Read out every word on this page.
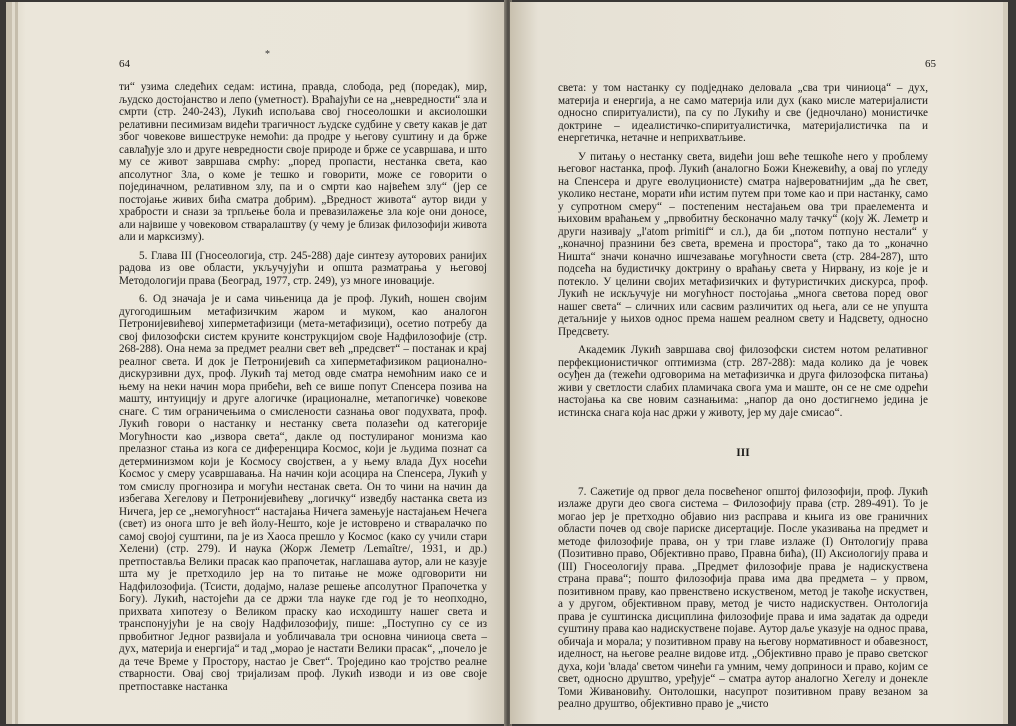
64
*

ти“ узима следећих седам: истина, правда, слобода, ред (поредак), мир, људско достојанство и лепо (уметност). Враћајући се на „невредности“ зла и смрти (стр. 240-243), Лукић испољава свој гносеолошки и аксиолошки релативни песимизам видећи трагичност људске судбине у свету какав је дат због човекове вишеструке немоћи: да продре у његову суштину и да брже савлађује зло и друге невредности своје природе и брже се усавршава, и што му се живот завршава смрћу: „поред пропасти, нестанка света, као апсолутног Зла, о коме је тешко и говорити, може се говорити о појединачном, релативном злу, па и о смрти као највећем злу“ (јер се постојање живих бића сматра добрим). „Вредност живота“ аутор види у храбрости и снази за трпљење бола и превазилажење зла које они доносе, али највише у човековом стваралаштву (у чему је близак филозофији живота али и марксизму).

5. Глава III (Гносеологија, стр. 245-288) даје синтезу ауторових ранијих радова из ове области, укључујући и општа разматрања у његовој Методологији права (Београд, 1977, стр. 249), уз многе иновације.

6. Од значаја је и сама чињеница да је проф. Лукић, ношен својим дугогодишњим метафизичким жаром и муком, као аналогон Петронијевићевој хиперметафизици (мета-метафизици), осетио потребу да свој филозофски систем круните конструкцијом своје Надфилозофије (стр. 268-288). Она нема за предмет реални свет већ „предсвет“ – постанак и крај реалног света. И док је Петронијевић са хиперметафизиком рационално-дискурзивни дух, проф. Лукић тај метод овде сматра немоћним иако се и њему на неки начин мора прибећи, већ се више попут Спенсера позива на машту, интуицију и друге алогичке (ирационалне, метапогичке) човекове снаге. С тим ограничењима о смислености сазнања овог подухвата, проф. Лукић говори о настанку и нестанку света полазећи од категорије Могућности као „извора света“, дакле од постулираног монизма као прелазног стања из кога се диференцира Космос, који је људима познат са детерминизмом који је Космосу својствен, а у њему влада Дух носећи Космос у смеру усавршавања. На начин који асоцира на Спенсера, Лукић у том смислу прогнозира и могући нестанак света. Он то чини на начин да избегава Хегелову и Петронијевићеву „логичку“ изведбу настанка света из Ничега, јер се „немогућност“ настајања Ничега замењује настајањем Нечега (свет) из онога што је већ йолу-Нешто, које је истоврено и стваралачко по самој својој суштини, па је из Хаоса прешло у Космос (како су учили стари Хелени) (стр. 279). И наука (Жорж Леметр /Lemaître/, 1931, и др.) претпоставља Велики прасак као прапочетак, наглашава аутор, али не казује шта му је претходило јер на то питање не може одговорити ни Надфилозофија. (Тсисти, додајмо, налазе решење апсолутног Прапочетка у Богу). Лукић, настојећи да се држи тла науке где год је то неопходно, прихвата хипотезу о Великом праску као исходишту нашег света и транспонујући је на своју Надфилозофију, пише: „Поступно су се из првобитног Једног развијала и уобличавала три основна чиниоца света – дух, материја и енергија“ и тад „морао је настати Велики прасак“, „почело је да тече Време у Простору, настао је Свет“. Тројединo као тројство реалне стварности. Овај свој тријализам проф. Лукић изводи и из ове своје претпоставке настанка

65

света: у том настанку су подједнако деловала „сва три чиниоца“ – дух, материја и енергија, а не само материја или дух (како мисле материјалисти односно спиритуалисти), па су по Лукићу и све (једнoчлано) монистичке доктрине – идеалистичко-спиритуалистичка, материјалистичка па и енергетичка, нетачне и неприхватљиве.

У питању о нестанку света, видећи још веће тешкоће него у проблему његовог настанка, проф. Лукић (аналогно Божи Кнежевићу, а овај по угледу на Спенсера и друге еволуционисте) сматра највероватнијим „да ће свет, уколико нестане, морати ићи истим путем при томе као и при настанку, само у супротном смеру“ – постепеним нестајањем ова три праелемента и њиховим враћањем у „првобитну бесконачно малу тачку“ (коју Ж. Леметр и други називају „l'atom primitif“ и сл.), да би „потом потпуно нестали“ у „коначној празнини без света, времена и простора“, тако да то „коначно Ништа“ значи коначно ишчезавање могућности света (стр. 284-287), што подсећа на будистичку доктрину о враћању света у Нирвану, из које је и потекло. У целини својих метафизичких и футуристичких дискурса, проф. Лукић не искључује ни могућност постојања „многа светова поред овог нашег света“ – сличних или сасвим различитих од њега, али се не упушта детаљније у њихов однос према нашем реалном свету и Надсвету, односно Предсвету.

Академик Лукић завршава свој филозофски систем нотом релативног перфекционистичког оптимизма (стр. 287-288): мада колико да је човек осуђен да (тежећи одговорима на метафизичка и друга филозофска питања) живи у светлости слабих пламичака свога ума и маште, он се не сме одрећи настојања ка све новим сазнањима: „напор да оно достигнемо једина је истинска снага која нас држи у животу, јер му даје смисао“.

III

7. Сажетије од првог дела посвећеног општој филозофији, проф. Лукић излаже други део свога система – Филозофију права (стр. 289-491). То је могао јер је претходно објавио низ расправа и књига из ове граничних области почев од своје париске дисертације. После указивања на предмет и методе филозофије права, он у три главе излаже (I) Онтологију права (Позитивно право, Објективно право, Правна бића), (II) Аксиологију права и (III) Гносеологију права. „Предмет филозофије права је надискуствена страна права“; пошто филозофија права има два предмета – у првом, позитивном праву, као првенствено искуственом, метод је такође искуствен, а у другом, објективном праву, метод је чисто надискуствен. Онтологија права је суштинска дисциплина филозофије права и има задатак да одреди суштину права као надискуствене појаве. Аутор даље указује на однос права, обичаја и морала; у позитивном праву на његову нормативност и обавезност, иделност, на његове реалне видове итд. „Објективно право је право светског духа, који 'влада' светом чинећи га умним, чему доприноси и право, којим се свет, односно друштво, уређује“ – сматра аутор аналогно Хегелу и донекле Томи Живановићу. Онтолошки, насупрот позитивном праву везаном за реално друштво, објективно право је „чисто
